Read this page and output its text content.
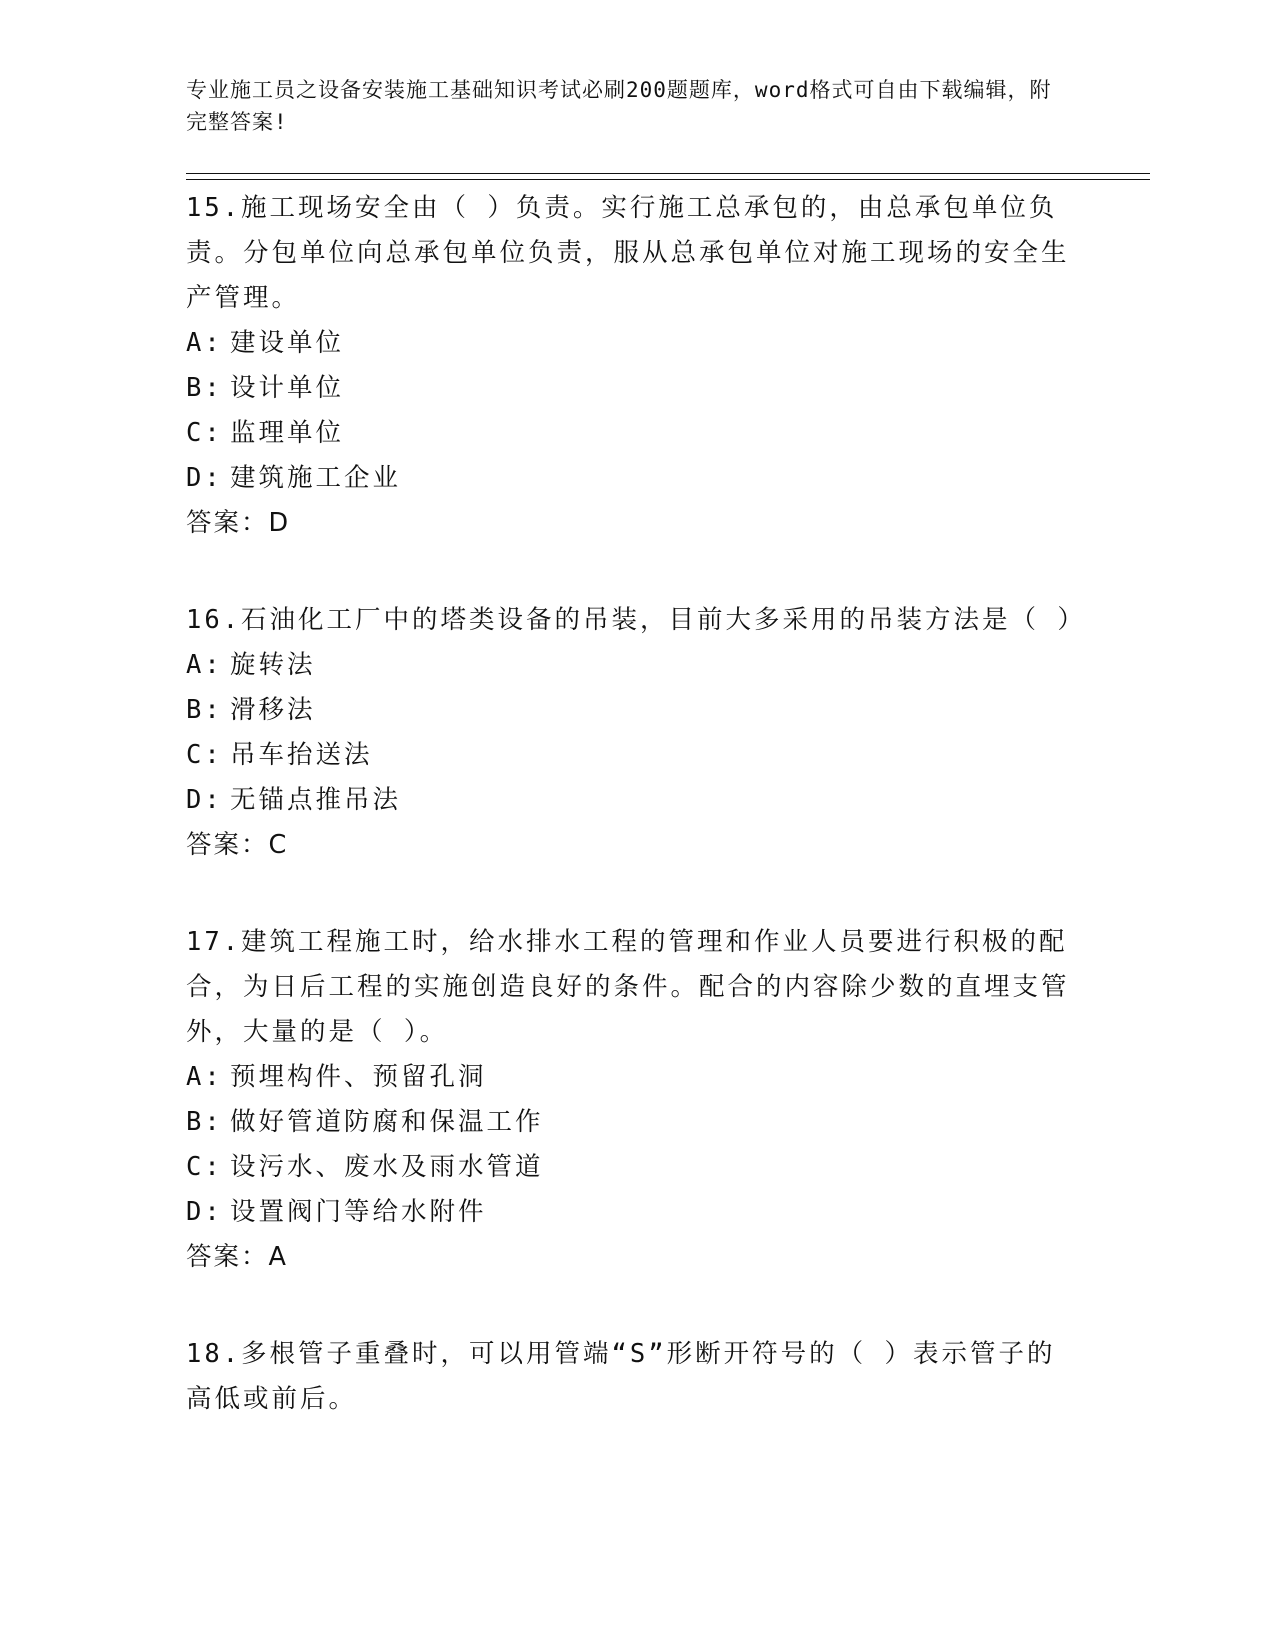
专业施工员之设备安装施工基础知识考试必刷200题题库，word格式可自由下载编辑，附完整答案!

15.施工现场安全由（ ）负责。实行施工总承包的，由总承包单位负责。分包单位向总承包单位负责，服从总承包单位对施工现场的安全生产管理。

A: 建设单位

B: 设计单位

C: 监理单位

D: 建筑施工企业

答案：D

16.石油化工厂中的塔类设备的吊装，目前大多采用的吊装方法是（ ）

A: 旋转法

B: 滑移法

C: 吊车抬送法

D: 无锚点推吊法

答案：C

17.建筑工程施工时，给水排水工程的管理和作业人员要进行积极的配合，为日后工程的实施创造良好的条件。配合的内容除少数的直埋支管外，大量的是（ ）。

A: 预埋构件、预留孔洞

B: 做好管道防腐和保温工作

C: 设污水、废水及雨水管道

D: 设置阀门等给水附件

答案：A

18.多根管子重叠时，可以用管端“S”形断开符号的（ ）表示管子的高低或前后。
